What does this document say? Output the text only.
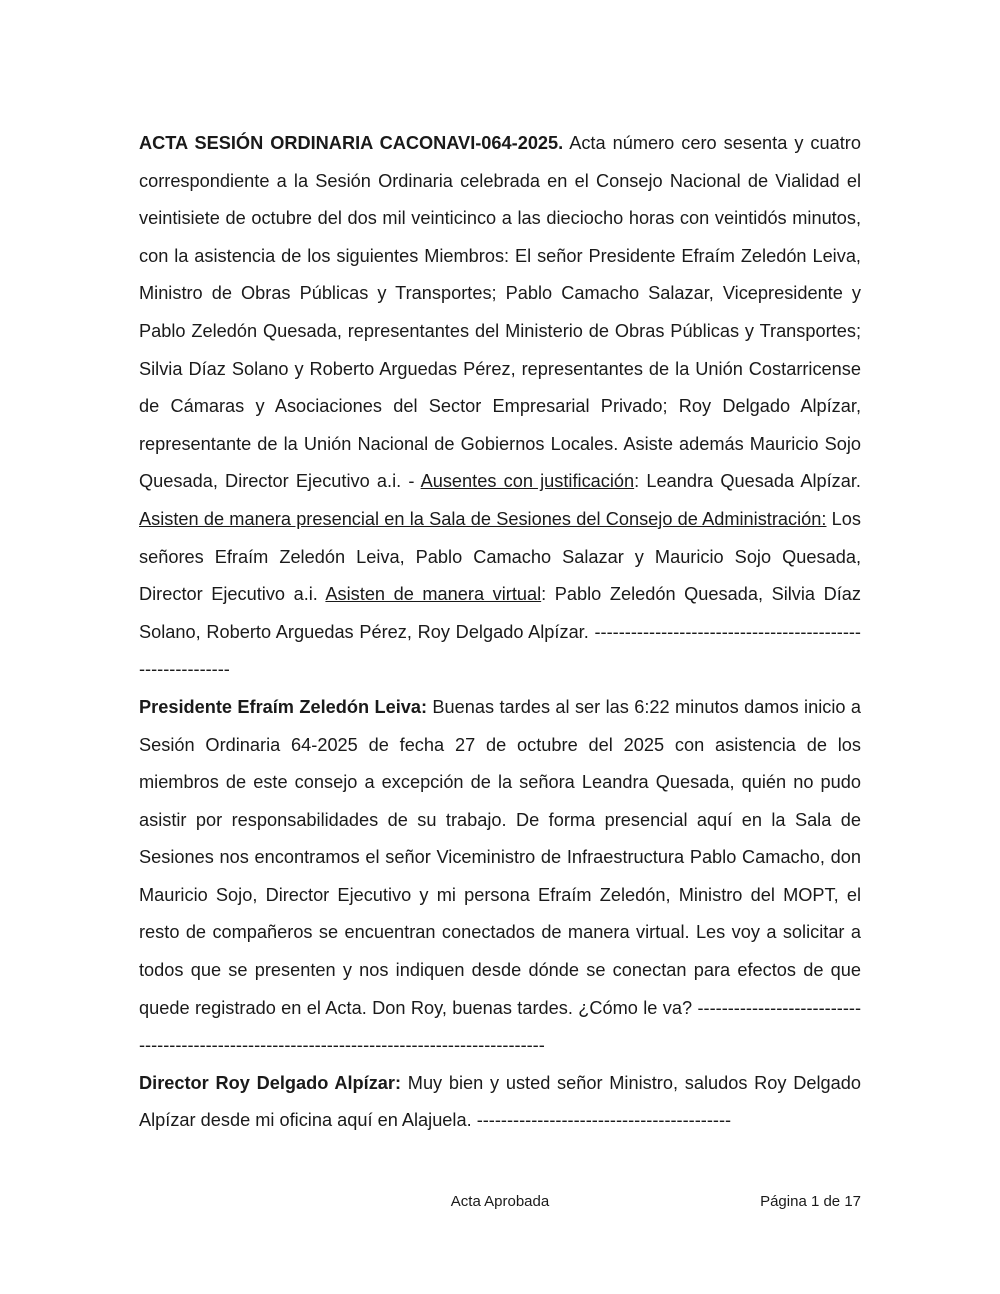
ACTA SESIÓN ORDINARIA CACONAVI-064-2025. Acta número cero sesenta y cuatro correspondiente a la Sesión Ordinaria celebrada en el Consejo Nacional de Vialidad el veintisiete de octubre del dos mil veinticinco a las dieciocho horas con veintidós minutos, con la asistencia de los siguientes Miembros: El señor Presidente Efraím Zeledón Leiva, Ministro de Obras Públicas y Transportes; Pablo Camacho Salazar, Vicepresidente y Pablo Zeledón Quesada, representantes del Ministerio de Obras Públicas y Transportes; Silvia Díaz Solano y Roberto Arguedas Pérez, representantes de la Unión Costarricense de Cámaras y Asociaciones del Sector Empresarial Privado; Roy Delgado Alpízar, representante de la Unión Nacional de Gobiernos Locales. Asiste además Mauricio Sojo Quesada, Director Ejecutivo a.i. - Ausentes con justificación: Leandra Quesada Alpízar. Asisten de manera presencial en la Sala de Sesiones del Consejo de Administración: Los señores Efraím Zeledón Leiva, Pablo Camacho Salazar y Mauricio Sojo Quesada, Director Ejecutivo a.i. Asisten de manera virtual: Pablo Zeledón Quesada, Silvia Díaz Solano, Roberto Arguedas Pérez, Roy Delgado Alpízar. -----------------------------------------------------------

Presidente Efraím Zeledón Leiva: Buenas tardes al ser las 6:22 minutos damos inicio a Sesión Ordinaria 64-2025 de fecha 27 de octubre del 2025 con asistencia de los miembros de este consejo a excepción de la señora Leandra Quesada, quién no pudo asistir por responsabilidades de su trabajo. De forma presencial aquí en la Sala de Sesiones nos encontramos el señor Viceministro de Infraestructura Pablo Camacho, don Mauricio Sojo, Director Ejecutivo y mi persona Efraím Zeledón, Ministro del MOPT, el resto de compañeros se encuentran conectados de manera virtual. Les voy a solicitar a todos que se presenten y nos indiquen desde dónde se conectan para efectos de que quede registrado en el Acta. Don Roy, buenas tardes. ¿Cómo le va? ----------------------------------------------------------------------------------------------

Director Roy Delgado Alpízar: Muy bien y usted señor Ministro, saludos Roy Delgado Alpízar desde mi oficina aquí en Alajuela. ------------------------------------------

Acta Aprobada	Página 1 de 17
